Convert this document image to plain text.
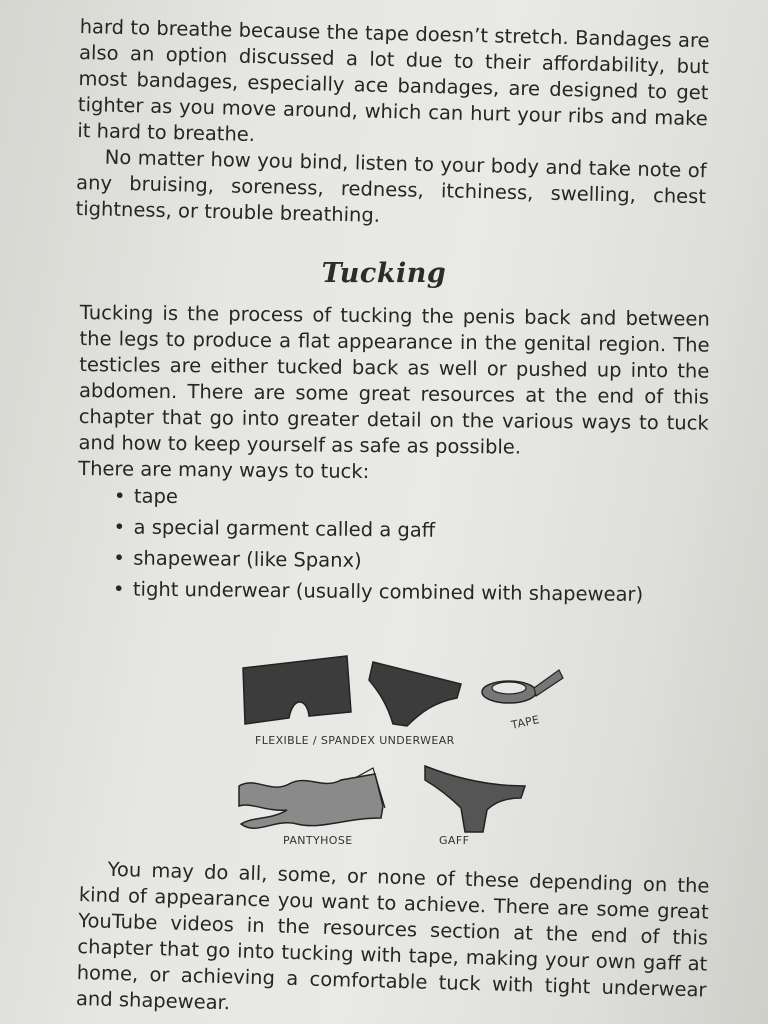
hard to breathe because the tape doesn’t stretch. Bandages are also an option discussed a lot due to their affordability, but most bandages, especially ace bandages, are designed to get tighter as you move around, which can hurt your ribs and make it hard to breathe.

No matter how you bind, listen to your body and take note of any bruising, soreness, redness, itchiness, swelling, chest tightness, or trouble breathing.

Tucking

Tucking is the process of tucking the penis back and between the legs to produce a flat appearance in the genital region. The testicles are either tucked back as well or pushed up into the abdomen. There are some great resources at the end of this chapter that go into greater detail on the various ways to tuck and how to keep yourself as safe as possible.

There are many ways to tuck:

• tape
• a special garment called a gaff
• shapewear (like Spanx)
• tight underwear (usually combined with shapewear)
FLEXIBLE / SPANDEX UNDERWEAR
TAPE
PANTYHOSE	GAFF

You may do all, some, or none of these depending on the kind of appearance you want to achieve. There are some great YouTube videos in the resources section at the end of this chapter that go into tucking with tape, making your own gaff at home, or achieving a comfortable tuck with tight underwear and shapewear.
